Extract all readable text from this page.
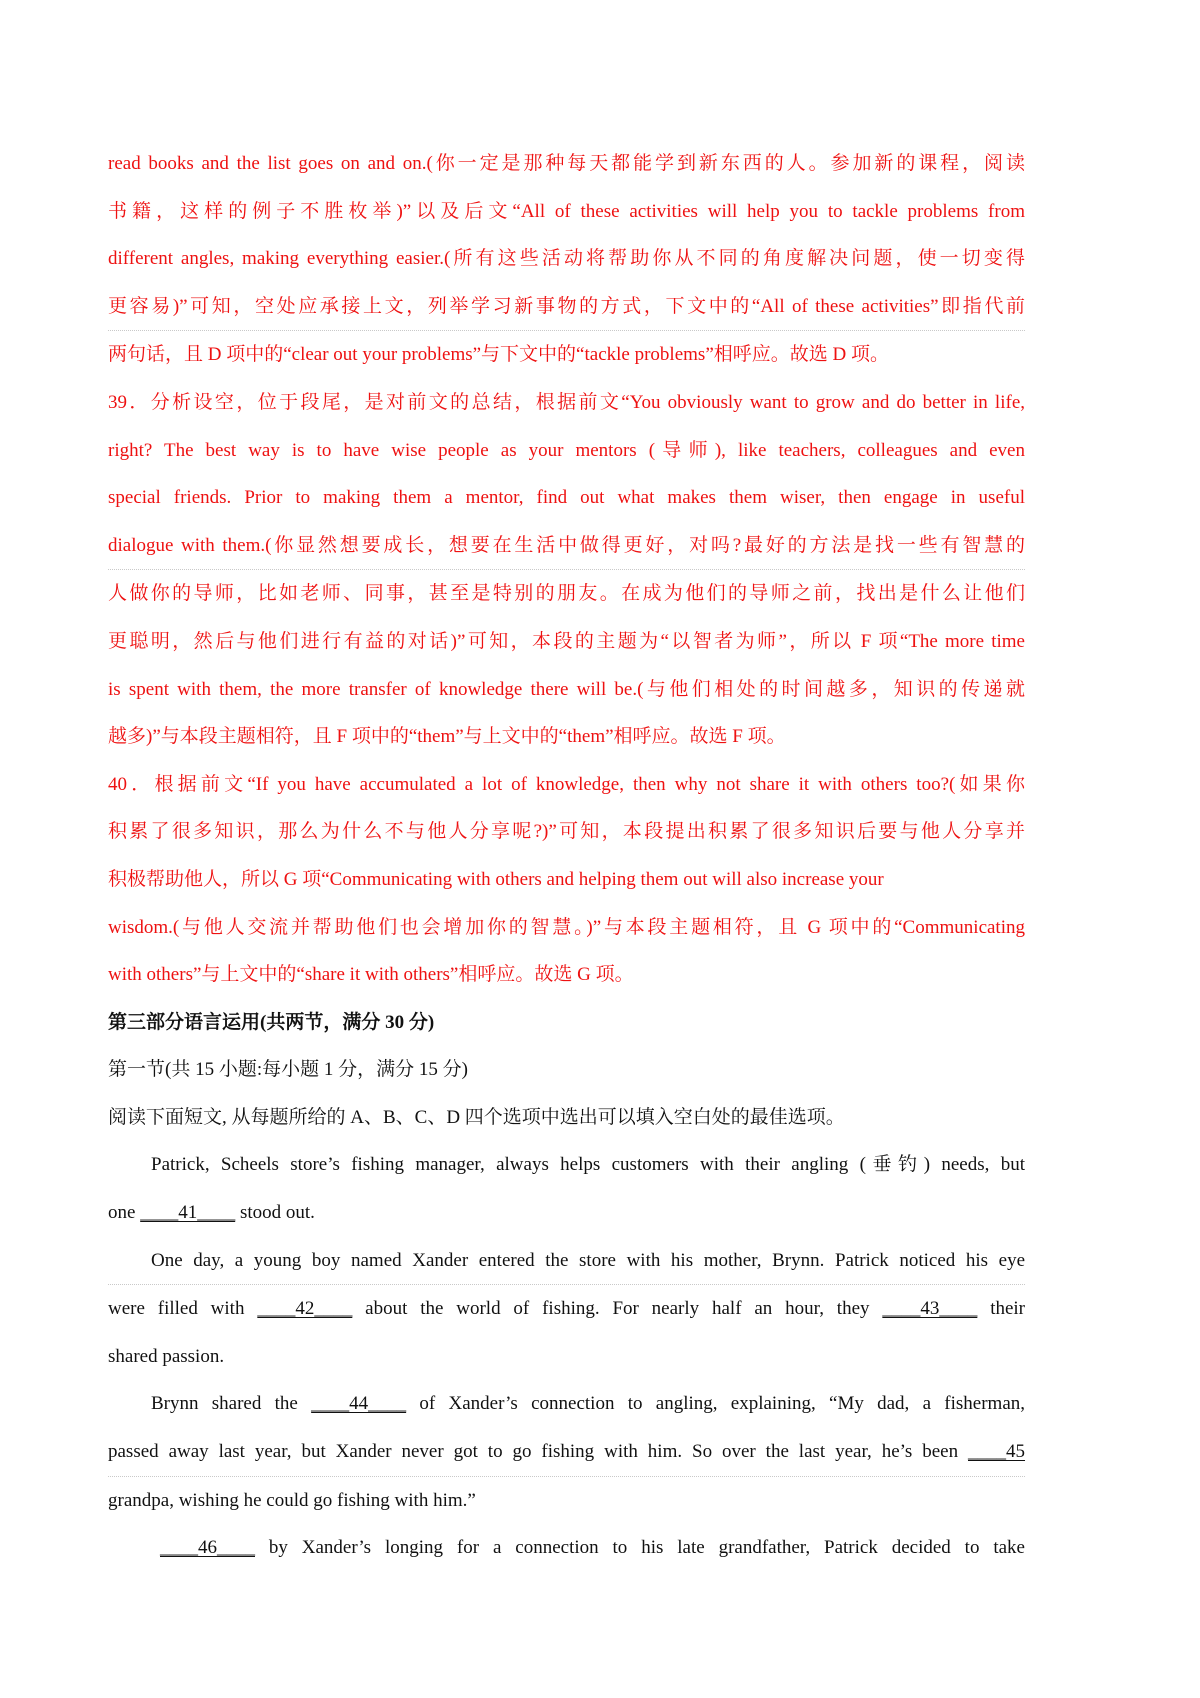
read books and the list goes on and on.(你一定是那种每天都能学到新东西的人。参加新的课程，阅读
书籍，这样的例子不胜枚举)”以及后文“All of these activities will help you to tackle problems from
different angles, making everything easier.(所有这些活动将帮助你从不同的角度解决问题，使一切变得
更容易)”可知，空处应承接上文，列举学习新事物的方式，下文中的“All of these activities”即指代前
两句话，且 D 项中的“clear out your problems”与下文中的“tackle problems”相呼应。故选 D 项。
39．分析设空，位于段尾，是对前文的总结，根据前文“You obviously want to grow and do better in life,
right? The best way is to have wise people as your mentors (导师), like teachers, colleagues and even
special friends. Prior to making them a mentor, find out what makes them wiser, then engage in useful
dialogue with them.(你显然想要成长，想要在生活中做得更好，对吗?最好的方法是找一些有智慧的
人做你的导师，比如老师、同事，甚至是特别的朋友。在成为他们的导师之前，找出是什么让他们
更聪明，然后与他们进行有益的对话)”可知，本段的主题为“以智者为师”，所以 F 项“The more time
is spent with them, the more transfer of knowledge there will be.(与他们相处的时间越多，知识的传递就
越多)”与本段主题相符，且 F 项中的“them”与上文中的“them”相呼应。故选 F 项。
40．根据前文“If you have accumulated a lot of knowledge, then why not share it with others too?(如果你
积累了很多知识，那么为什么不与他人分享呢?)”可知，本段提出积累了很多知识后要与他人分享并
积极帮助他人，所以 G 项“Communicating with others and helping them out will also increase your
wisdom.(与他人交流并帮助他们也会增加你的智慧。)”与本段主题相符，且 G 项中的“Communicating
with others”与上文中的“share it with others”相呼应。故选 G 项。
第三部分语言运用(共两节，满分 30 分)
第一节(共 15 小题:每小题 1 分，满分 15 分)
阅读下面短文, 从每题所给的 A、B、C、D 四个选项中选出可以填入空白处的最佳选项。
Patrick, Scheels store’s fishing manager, always helps customers with their angling (垂钓) needs, but
one ____41____ stood out.
One day, a young boy named Xander entered the store with his mother, Brynn. Patrick noticed his eye
were filled with ____42____ about the world of fishing. For nearly half an hour, they ____43____ their
shared passion.
Brynn shared the ____44____ of Xander’s connection to angling, explaining, “My dad, a fisherman,
passed away last year, but Xander never got to go fishing with him. So over the last year, he’s been ____45
grandpa, wishing he could go fishing with him.”
____46____ by Xander’s longing for a connection to his late grandfather, Patrick decided to take
